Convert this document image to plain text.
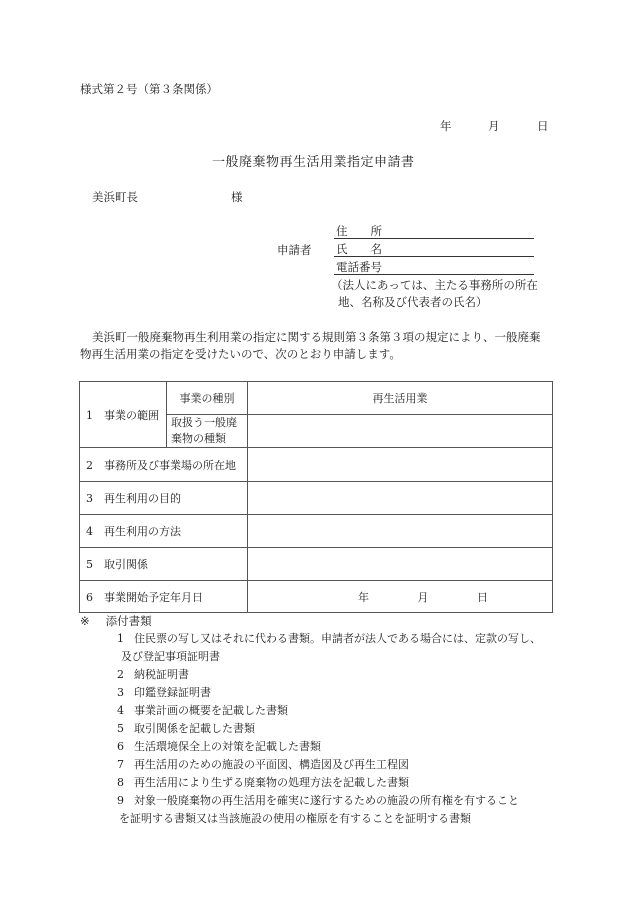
様式第２号（第３条関係）
年	月	日
一般廃棄物再生活用業指定申請書
美浜町長	様
申請者
住　　所
氏　　名
電話番号
（法人にあっては、主たる事務所の所在
地、名称及び代表者の氏名）
美浜町一般廃棄物再生利用業の指定に関する規則第３条第３項の規定により、一般廃棄
物再生活用業の指定を受けたいので、次のとおり申請します。
1 事業の範囲	事業の種別	再生活用業

	取扱う一般廃
棄物の種類	

2 事務所及び事業場の所在地		
3 再生利用の目的		
4 再生利用の方法		
5 取引関係		
6 事業開始予定年月日		年 月 日
※ 添付書類
1 住民票の写し又はそれに代わる書類。申請者が法人である場合には、定款の写し、
及び登記事項証明書
2 納税証明書
3 印鑑登録証明書
4 事業計画の概要を記載した書類
5 取引関係を記載した書類
6 生活環境保全上の対策を記載した書類
7 再生活用のための施設の平面図、構造図及び再生工程図
8 再生活用により生ずる廃棄物の処理方法を記載した書類
9 対象一般廃棄物の再生活用を確実に遂行するための施設の所有権を有すること
を証明する書類又は当該施設の使用の権原を有することを証明する書類
